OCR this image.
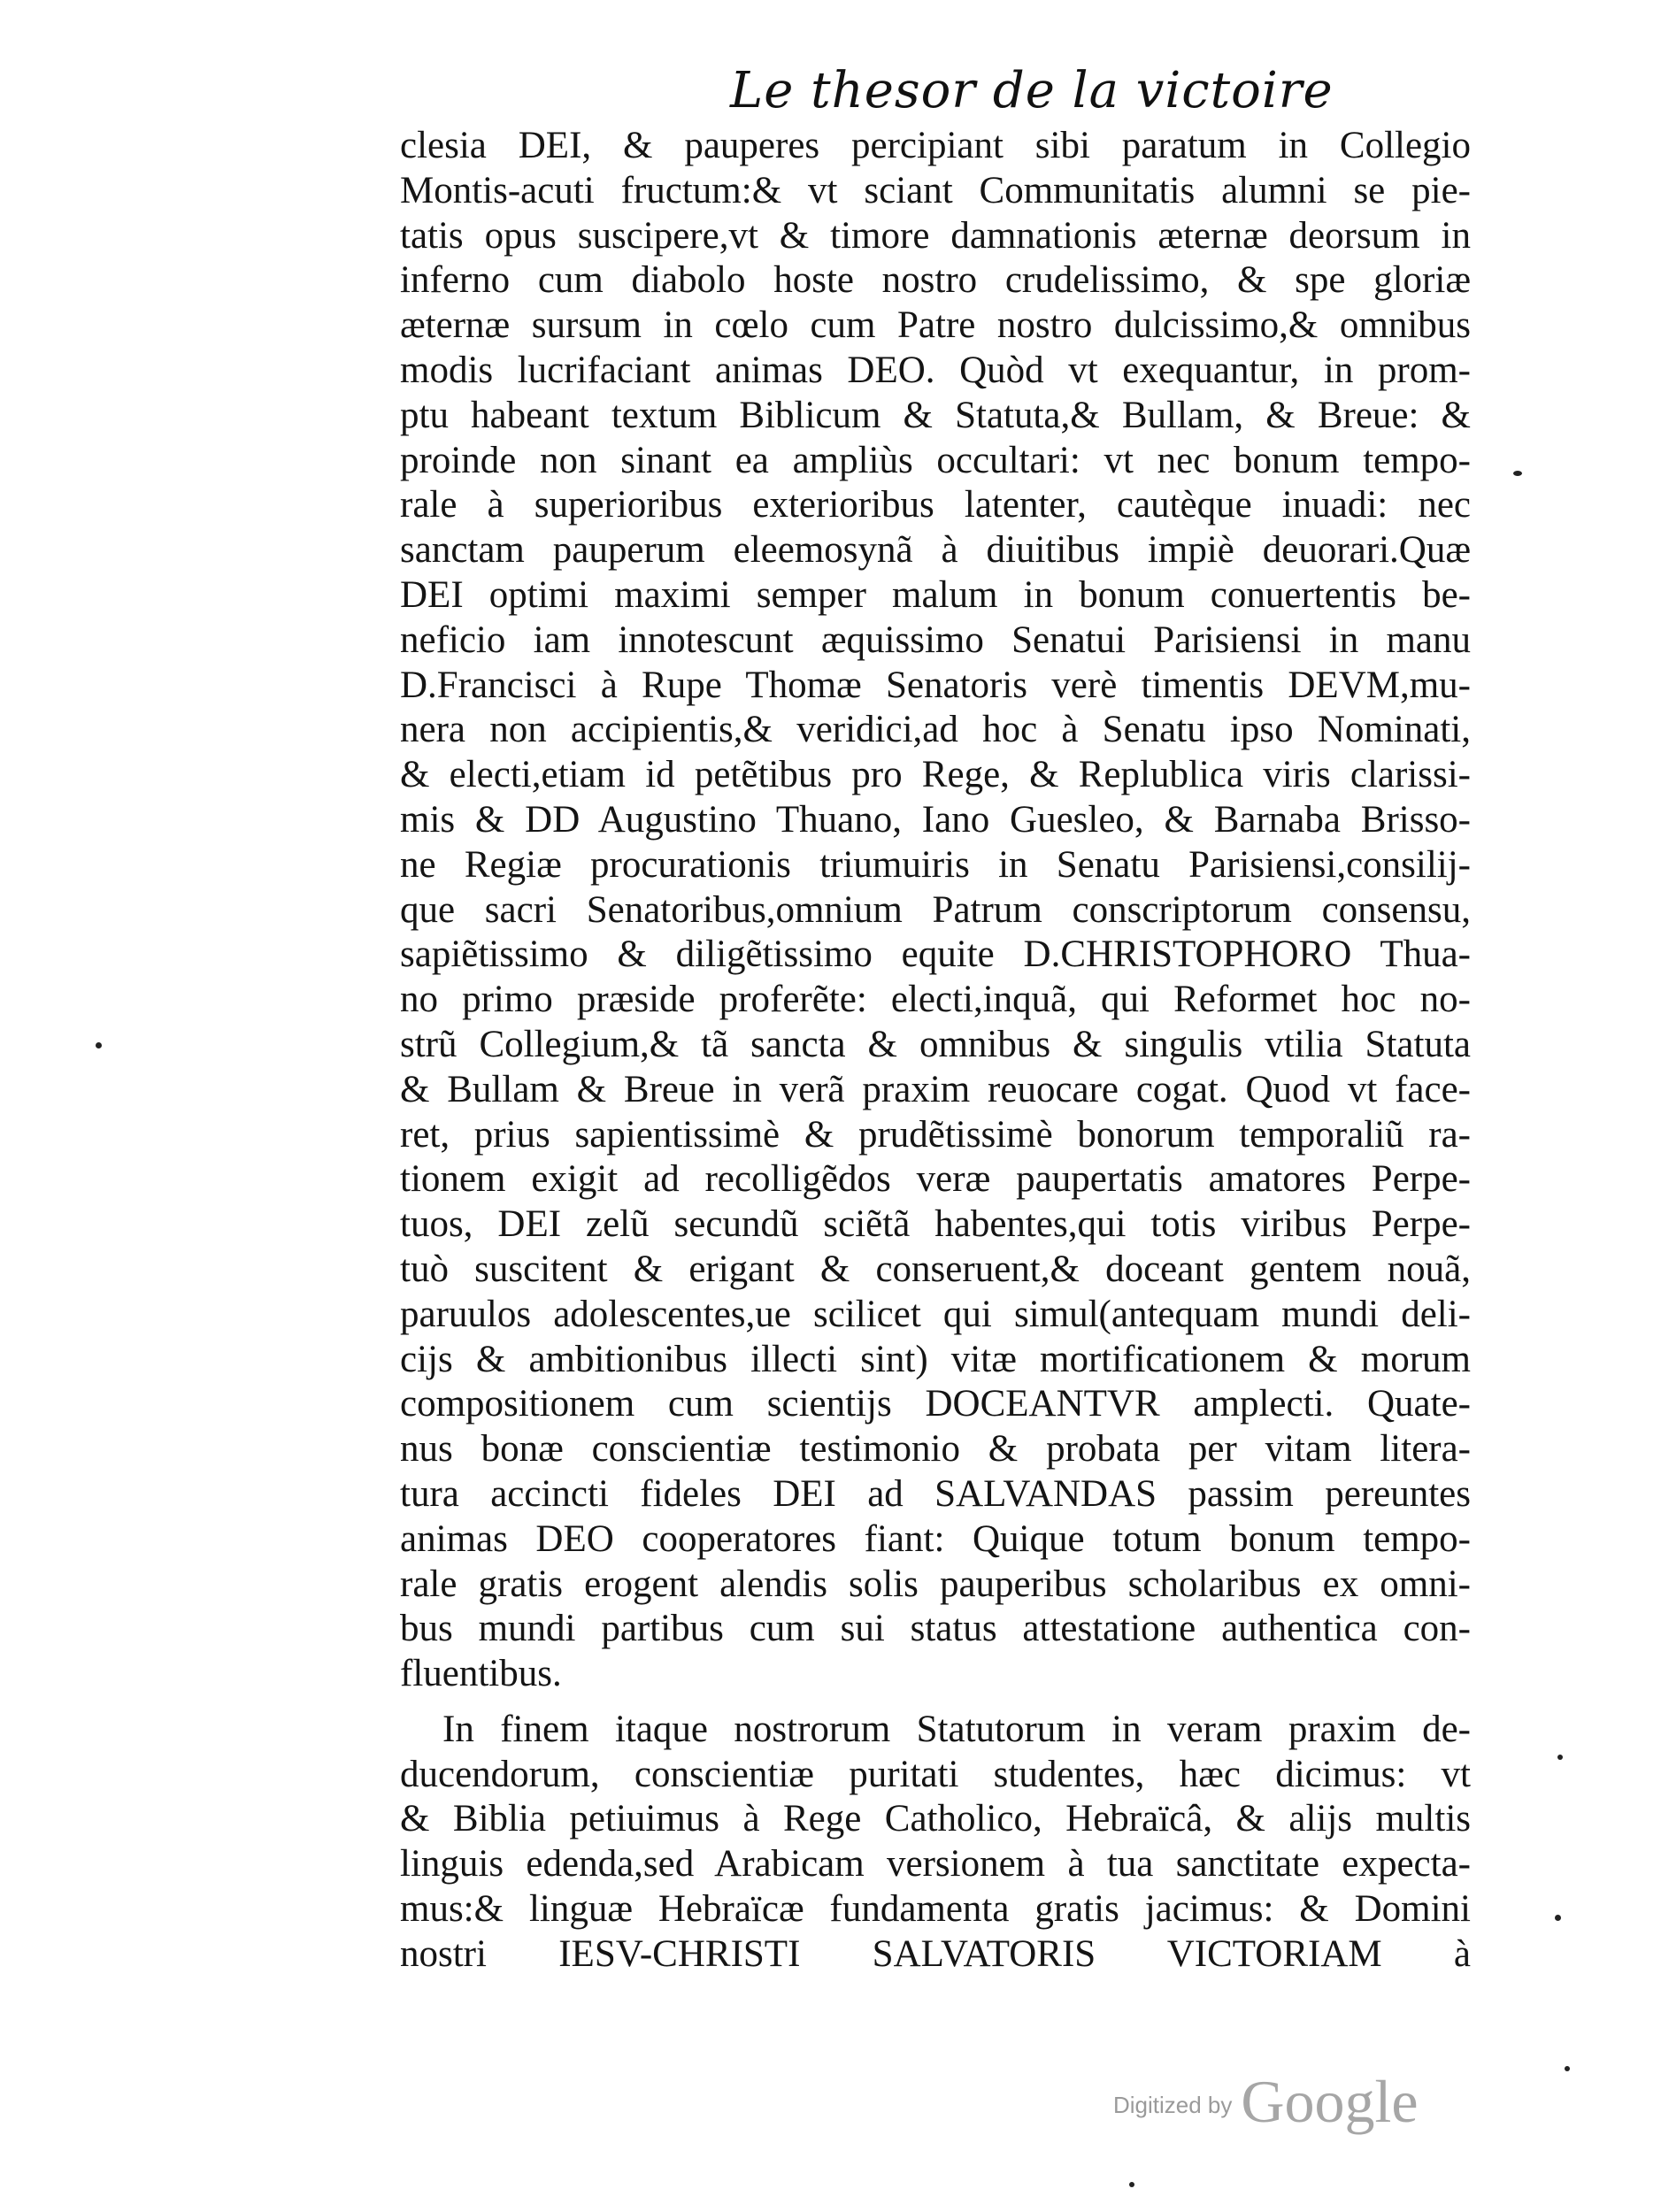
Le thesor de la victoire
clesia DEI, & pauperes percipiant sibi paratum in Collegio
Montis-acuti fructum:& vt sciant Communitatis alumni se pie-
tatis opus suscipere,vt & timore damnationis æternæ deorsum in
inferno cum diabolo hoste nostro crudelissimo, & spe gloriæ
æternæ sursum in cœlo cum Patre nostro dulcissimo,& omnibus
modis lucrifaciant animas DEO. Quòd vt exequantur, in prom-
ptu habeant textum Biblicum & Statuta,& Bullam, & Breue: &
proinde non sinant ea ampliùs occultari: vt nec bonum tempo-
rale à superioribus exterioribus latenter, cautèque inuadi: nec
sanctam pauperum eleemosynã à diuitibus impiè deuorari.Quæ
DEI optimi maximi semper malum in bonum conuertentis be-
neficio iam innotescunt æquissimo Senatui Parisiensi in manu
D.Francisci à Rupe Thomæ Senatoris verè timentis DEVM,mu-
nera non accipientis,& veridici,ad hoc à Senatu ipso Nominati,
& electi,etiam id petẽtibus pro Rege, & Replublica viris clarissi-
mis & DD Augustino Thuano, Iano Guesleo, & Barnaba Brisso-
ne Regiæ procurationis triumuiris in Senatu Parisiensi,consilij-
que sacri Senatoribus,omnium Patrum conscriptorum consensu,
sapiẽtissimo & diligẽtissimo equite D.CHRISTOPHORO Thua-
no primo præside proferẽte: electi,inquã, qui Reformet hoc no-
strũ Collegium,& tã sancta & omnibus & singulis vtilia Statuta
& Bullam & Breue in verã praxim reuocare cogat. Quod vt face-
ret, prius sapientissimè & prudẽtissimè bonorum temporaliũ ra-
tionem exigit ad recolligẽdos veræ paupertatis amatores Perpe-
tuos, DEI zelũ secundũ sciẽtã habentes,qui totis viribus Perpe-
tuò suscitent & erigant & conseruent,& doceant gentem nouã,
paruulos adolescentes,ue scilicet qui simul(antequam mundi deli-
cijs & ambitionibus illecti sint) vitæ mortificationem & morum
compositionem cum scientijs DOCEANTVR amplecti. Quate-
nus bonæ conscientiæ testimonio & probata per vitam litera-
tura accincti fideles DEI ad SALVANDAS passim pereuntes
animas DEO cooperatores fiant: Quique totum bonum tempo-
rale gratis erogent alendis solis pauperibus scholaribus ex omni-
bus mundi partibus cum sui status attestatione authentica con-
fluentibus.
In finem itaque nostrorum Statutorum in veram praxim de-
ducendorum, conscientiæ puritati studentes, hæc dicimus: vt
& Biblia petiuimus à Rege Catholico, Hebraïcâ, & alijs multis
linguis edenda,sed Arabicam versionem à tua sanctitate expecta-
mus:& linguæ Hebraïcæ fundamenta gratis jacimus: & Domini
nostri IESV-CHRISTI SALVATORIS VICTORIAM à
Digitized by Google
